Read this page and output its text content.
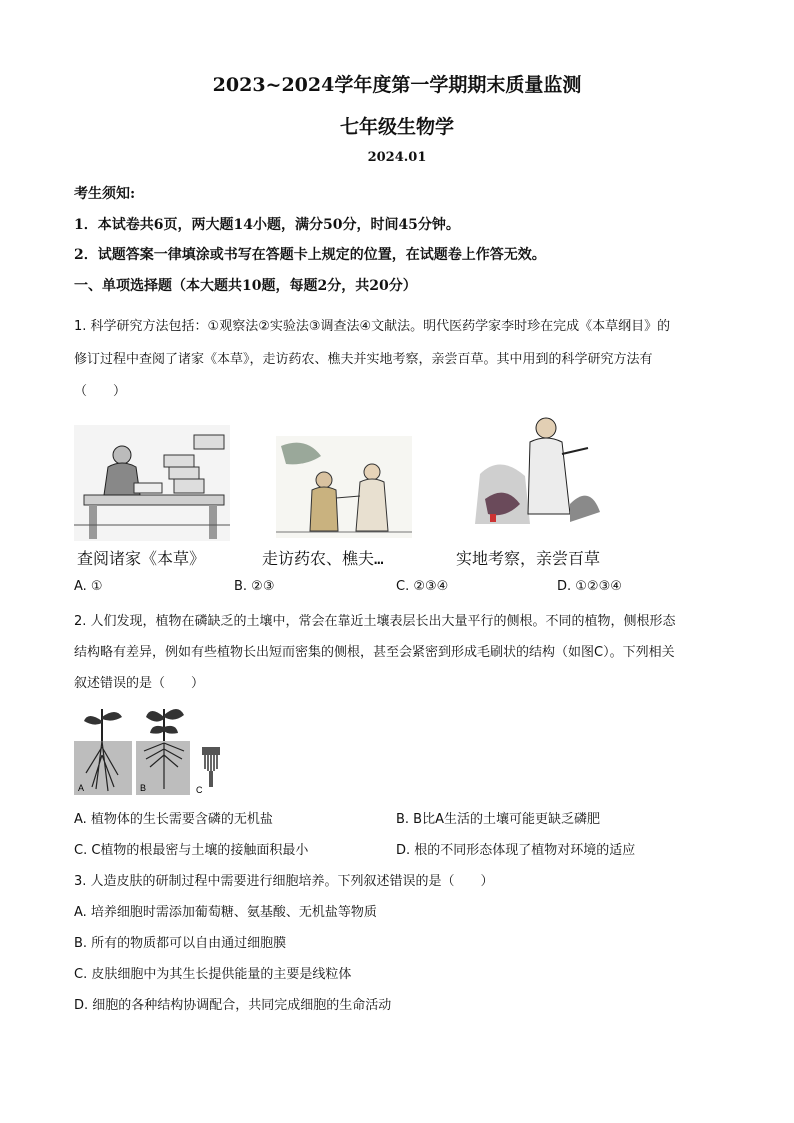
2023~2024学年度第一学期期末质量监测
七年级生物学
2024.01
考生须知:
1．本试卷共6页，两大题14小题，满分50分，时间45分钟。
2．试题答案一律填涂或书写在答题卡上规定的位置，在试题卷上作答无效。
一、单项选择题（本大题共10题，每题2分，共20分）
1. 科学研究方法包括：①观察法②实验法③调查法④文献法。明代医药学家李时珍在完成《本草纲目》的
修订过程中查阅了诸家《本草》，走访药农、樵夫并实地考察，亲尝百草。其中用到的科学研究方法有
（　　）
查阅诸家《本草》	走访药农、樵夫…	实地考察，亲尝百草
A. ①	B. ②③	C. ②③④	D. ①②③④
2. 人们发现，植物在磷缺乏的土壤中，常会在靠近土壤表层长出大量平行的侧根。不同的植物，侧根形态
结构略有差异，例如有些植物长出短而密集的侧根，甚至会紧密到形成毛刷状的结构（如图C）。下列相关
叙述错误的是（　　）
A	B	C
A. 植物体的生长需要含磷的无机盐	B. B比A生活的土壤可能更缺乏磷肥
C. C植物的根最密与土壤的接触面积最小	D. 根的不同形态体现了植物对环境的适应
3. 人造皮肤的研制过程中需要进行细胞培养。下列叙述错误的是（　　）
A. 培养细胞时需添加葡萄糖、氨基酸、无机盐等物质
B. 所有的物质都可以自由通过细胞膜
C. 皮肤细胞中为其生长提供能量的主要是线粒体
D. 细胞的各种结构协调配合，共同完成细胞的生命活动
